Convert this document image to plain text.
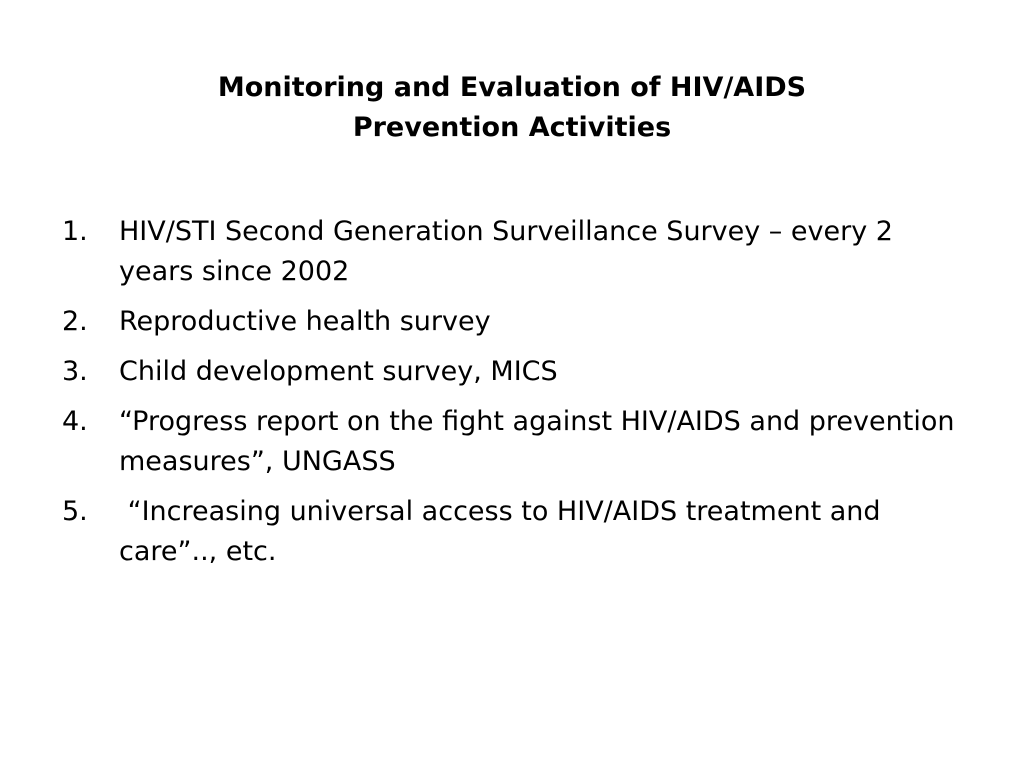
Monitoring and Evaluation of HIV/AIDS
Prevention Activities
1. HIV/STI Second Generation Surveillance Survey – every 2 years since 2002
2. Reproductive health survey
3. Child development survey, MICS
4. “Progress report on the fight against HIV/AIDS and prevention measures”, UNGASS
5. “Increasing universal access to HIV/AIDS treatment and care”.., etc.
